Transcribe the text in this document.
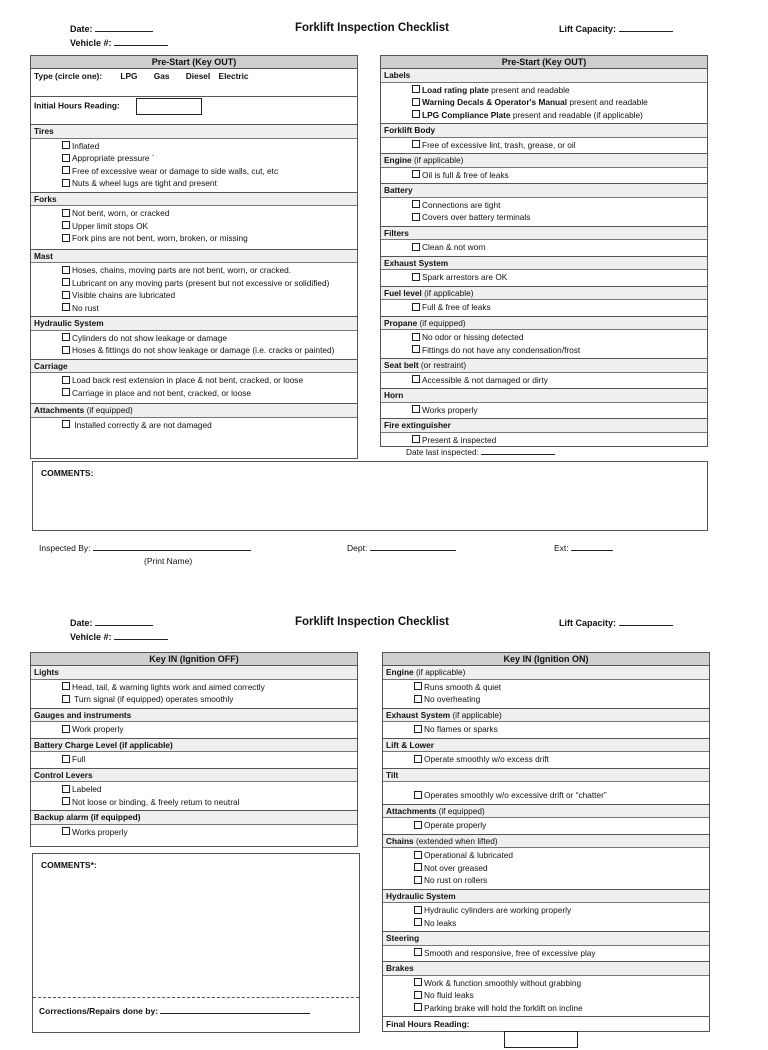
Date:
Vehicle #:
Forklift Inspection Checklist	Lift Capacity:
Pre-Start (Key OUT)
Type (circle one): LPG Gas Diesel Electric
Initial Hours Reading:
Tires
Inflated
Appropriate pressure `
Free of excessive wear or damage to side walls, cut, etc
Nuts & wheel lugs are tight and present
Forks
Not bent, worn, or cracked
Upper limit stops OK
Fork pins are not bent, worn, broken, or missing
Mast
Hoses, chains, moving parts are not bent, worn, or cracked.
Lubricant on any moving parts (present but not excessive or solidified)
Visible chains are lubricated
No rust
Hydraulic System
Cylinders do not show leakage or damage
Hoses & fittings do not show leakage or damage (i.e. cracks or painted)
Carriage
Load back rest extension in place & not bent, cracked, or loose
Carriage in place and not bent, cracked, or loose
Attachments (if equipped)
Installed correctly & are not damaged
Pre-Start (Key OUT)
Labels
Load rating plate present and readable
Warning Decals & Operator's Manual present and readable
LPG Compliance Plate present and readable (if applicable)
Forklift Body
Free of excessive lint, trash, grease, or oil
Engine (if applicable)
Oil is full & free of leaks
Battery
Connections are tight
Covers over battery terminals
Filters
Clean & not worn
Exhaust System
Spark arrestors are OK
Fuel level (if applicable)
Full & free of leaks
Propane (if equipped)
No odor or hissing detected
Fittings do not have any condensation/frost
Seat belt (or restraint)
Accessible & not damaged or dirty
Horn
Works properly
Fire extinguisher
Present & inspected
Date last inspected:
COMMENTS:
Inspected By:
(Print Name)
Dept:	Ext:
Date:
Vehicle #:
Forklift Inspection Checklist	Lift Capacity:
Key IN (Ignition OFF)
Lights
Head, tail, & warning lights work and aimed correctly
Turn signal (if equipped) operates smoothly
Gauges and instruments
Work properly
Battery Charge Level (if applicable)
Full
Control Levers
Labeled
Not loose or binding, & freely return to neutral
Backup alarm (if equipped)
Works properly
COMMENTS*:
Corrections/Repairs done by:
Key IN (Ignition ON)
Engine (if applicable)
Runs smooth & quiet
No overheating
Exhaust System (if applicable)
No flames or sparks
Lift & Lower
Operate smoothly w/o excess drift
Tilt
Operates smoothly w/o excessive drift or “chatter”
Attachments (if equipped)
Operate properly
Chains (extended when lifted)
Operational & lubricated
Not over greased
No rust on rollers
Hydraulic System
Hydraulic cylinders are working properly
No leaks
Steering
Smooth and responsive, free of excessive play
Brakes
Work & function smoothly without grabbing
No fluid leaks
Parking brake will hold the forklift on incline
Final Hours Reading:
